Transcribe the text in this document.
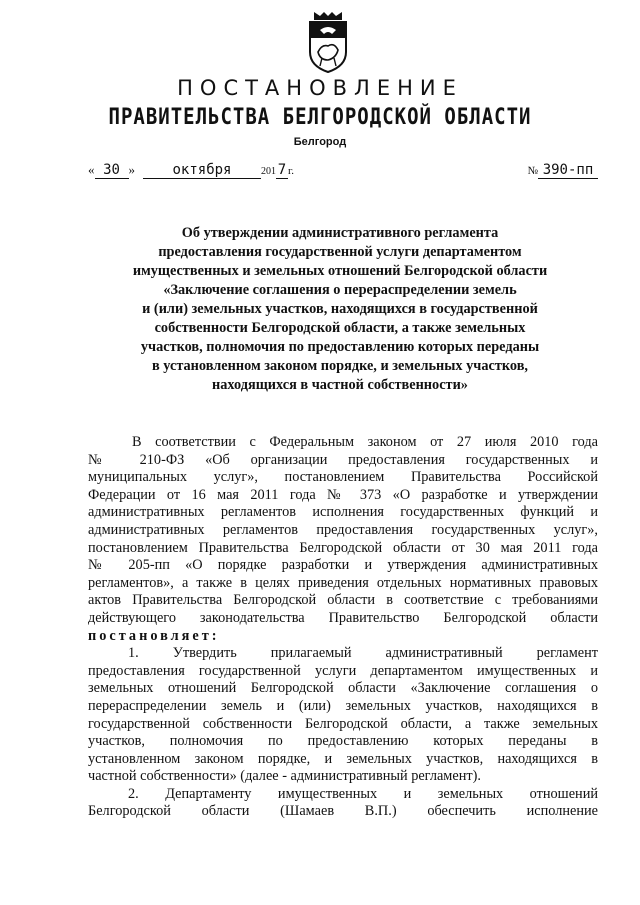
ПОСТАНОВЛЕНИЕ
ПРАВИТЕЛЬСТВА БЕЛГОРОДСКОЙ ОБЛАСТИ
Белгород
« 30 »	октября	201 7 г.	№ 390-пп
Об утверждении административного регламента
предоставления государственной услуги департаментом
имущественных и земельных отношений Белгородской области
«Заключение соглашения о перераспределении земель
и (или) земельных участков, находящихся в государственной
собственности Белгородской области, а также земельных
участков, полномочия по предоставлению которых переданы
в установленном законом порядке, и земельных участков,
находящихся в частной собственности»
В соответствии с Федеральным законом от 27 июля 2010 года
№ 210-ФЗ «Об организации предоставления государственных и
муниципальных услуг», постановлением Правительства Российской
Федерации от 16 мая 2011 года № 373 «О разработке и утверждении
административных регламентов исполнения государственных функций и
административных регламентов предоставления государственных услуг»,
постановлением Правительства Белгородской области от 30 мая 2011 года
№ 205-пп «О порядке разработки и утверждения административных
регламентов», а также в целях приведения отдельных нормативных правовых
актов Правительства Белгородской области в соответствие с требованиями
действующего законодательства Правительство Белгородской области
постановляет:
1. Утвердить прилагаемый административный регламент
предоставления государственной услуги департаментом имущественных и
земельных отношений Белгородской области «Заключение соглашения о
перераспределении земель и (или) земельных участков, находящихся в
государственной собственности Белгородской области, а также земельных
участков, полномочия по предоставлению которых переданы в
установленном законом порядке, и земельных участков, находящихся в
частной собственности» (далее - административный регламент).
2. Департаменту имущественных и земельных отношений
Белгородской области (Шамаев В.П.) обеспечить исполнение
